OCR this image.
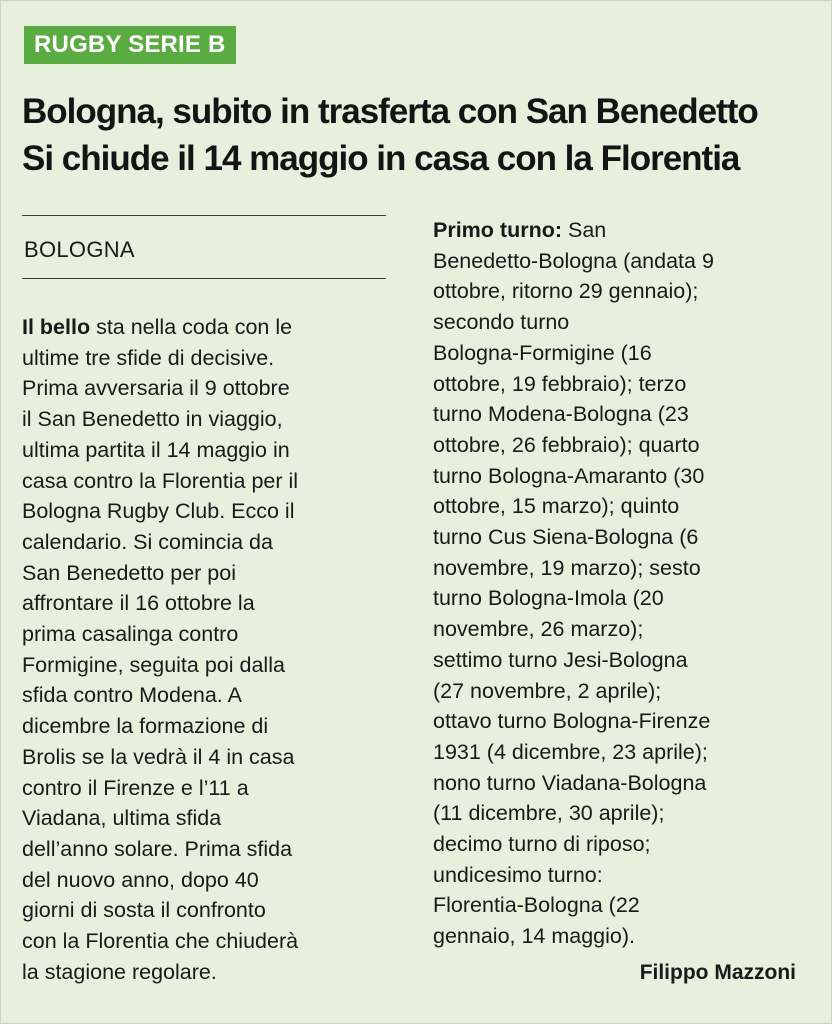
RUGBY SERIE B
Bologna, subito in trasferta con San Benedetto
Si chiude il 14 maggio in casa con la Florentia
BOLOGNA
Il bello sta nella coda con le
ultime tre sfide di decisive.
Prima avversaria il 9 ottobre
il San Benedetto in viaggio,
ultima partita il 14 maggio in
casa contro la Florentia per il
Bologna Rugby Club. Ecco il
calendario. Si comincia da
San Benedetto per poi
affrontare il 16 ottobre la
prima casalinga contro
Formigine, seguita poi dalla
sfida contro Modena. A
dicembre la formazione di
Brolis se la vedrà il 4 in casa
contro il Firenze e l’11 a
Viadana, ultima sfida
dell’anno solare. Prima sfida
del nuovo anno, dopo 40
giorni di sosta il confronto
con la Florentia che chiuderà
la stagione regolare.
Primo turno: San
Benedetto-Bologna (andata 9
ottobre, ritorno 29 gennaio);
secondo turno
Bologna-Formigine (16
ottobre, 19 febbraio); terzo
turno Modena-Bologna (23
ottobre, 26 febbraio); quarto
turno Bologna-Amaranto (30
ottobre, 15 marzo); quinto
turno Cus Siena-Bologna (6
novembre, 19 marzo); sesto
turno Bologna-Imola (20
novembre, 26 marzo);
settimo turno Jesi-Bologna
(27 novembre, 2 aprile);
ottavo turno Bologna-Firenze
1931 (4 dicembre, 23 aprile);
nono turno Viadana-Bologna
(11 dicembre, 30 aprile);
decimo turno di riposo;
undicesimo turno:
Florentia-Bologna (22
gennaio, 14 maggio).
Filippo Mazzoni
